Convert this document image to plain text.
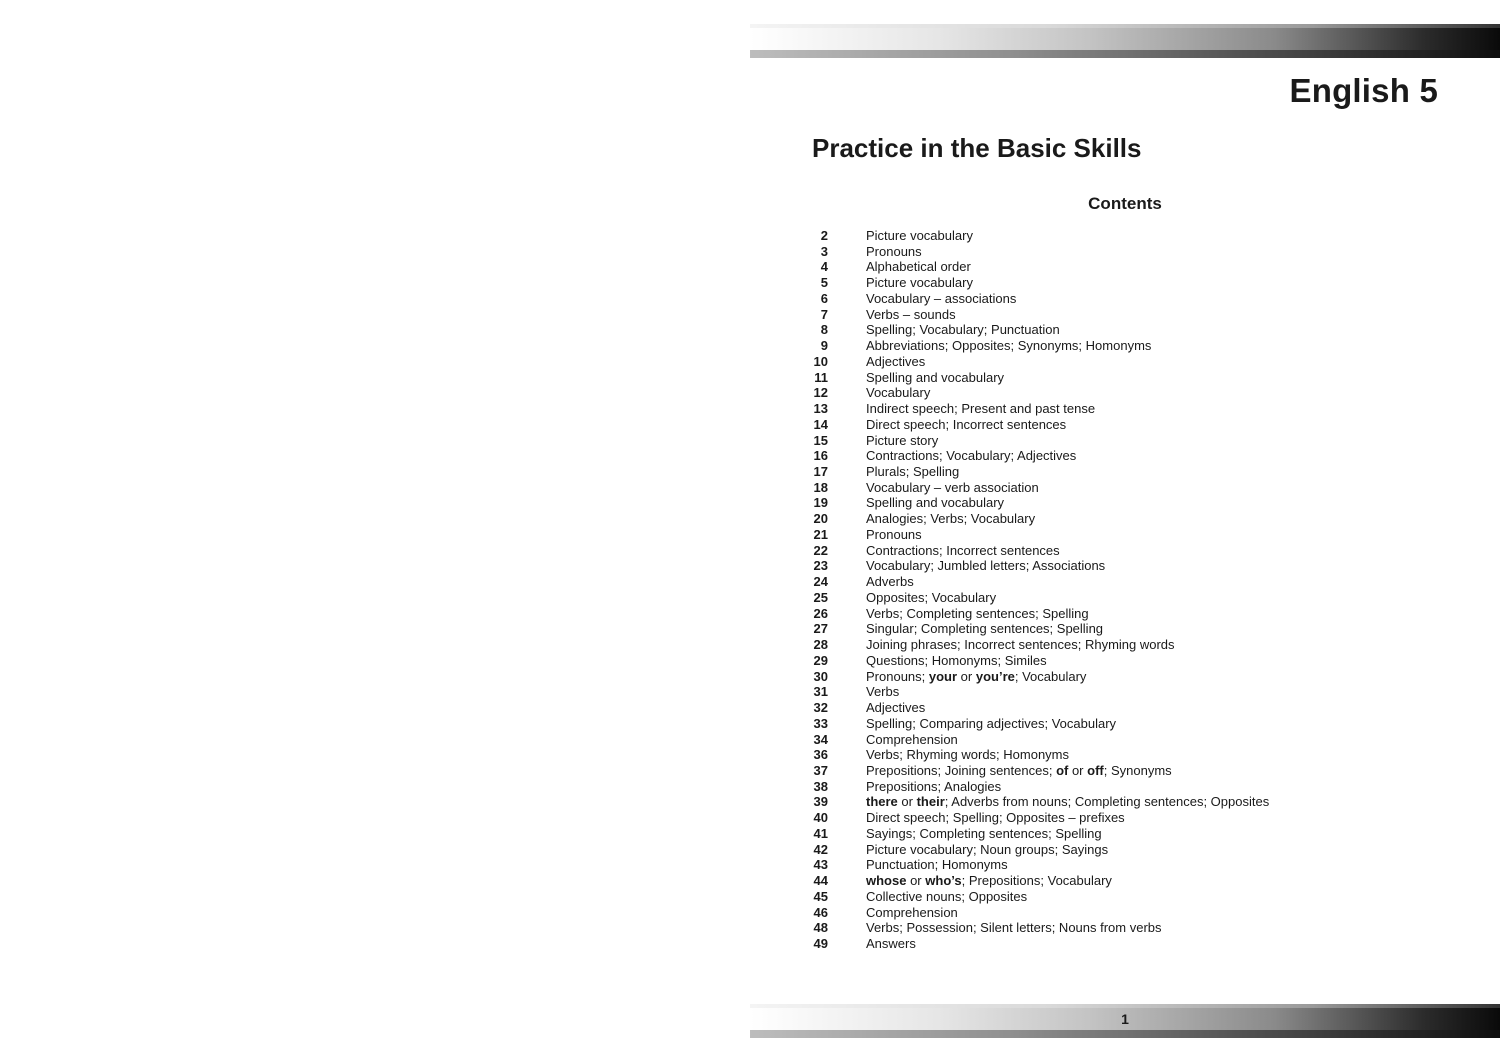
English 5
Practice in the Basic Skills
Contents
2	Picture vocabulary
3	Pronouns
4	Alphabetical order
5	Picture vocabulary
6	Vocabulary – associations
7	Verbs – sounds
8	Spelling; Vocabulary; Punctuation
9	Abbreviations; Opposites; Synonyms; Homonyms
10	Adjectives
11	Spelling and vocabulary
12	Vocabulary
13	Indirect speech; Present and past tense
14	Direct speech; Incorrect sentences
15	Picture story
16	Contractions; Vocabulary; Adjectives
17	Plurals; Spelling
18	Vocabulary – verb association
19	Spelling and vocabulary
20	Analogies; Verbs; Vocabulary
21	Pronouns
22	Contractions; Incorrect sentences
23	Vocabulary; Jumbled letters; Associations
24	Adverbs
25	Opposites; Vocabulary
26	Verbs; Completing sentences; Spelling
27	Singular; Completing sentences; Spelling
28	Joining phrases; Incorrect sentences; Rhyming words
29	Questions; Homonyms; Similes
30	Pronouns; your or you’re; Vocabulary
31	Verbs
32	Adjectives
33	Spelling; Comparing adjectives; Vocabulary
34	Comprehension
36	Verbs; Rhyming words; Homonyms
37	Prepositions; Joining sentences; of or off; Synonyms
38	Prepositions; Analogies
39	there or their; Adverbs from nouns; Completing sentences; Opposites
40	Direct speech; Spelling; Opposites – prefixes
41	Sayings; Completing sentences; Spelling
42	Picture vocabulary; Noun groups; Sayings
43	Punctuation; Homonyms
44	whose or who’s; Prepositions; Vocabulary
45	Collective nouns; Opposites
46	Comprehension
48	Verbs; Possession; Silent letters; Nouns from verbs
49	Answers
1
